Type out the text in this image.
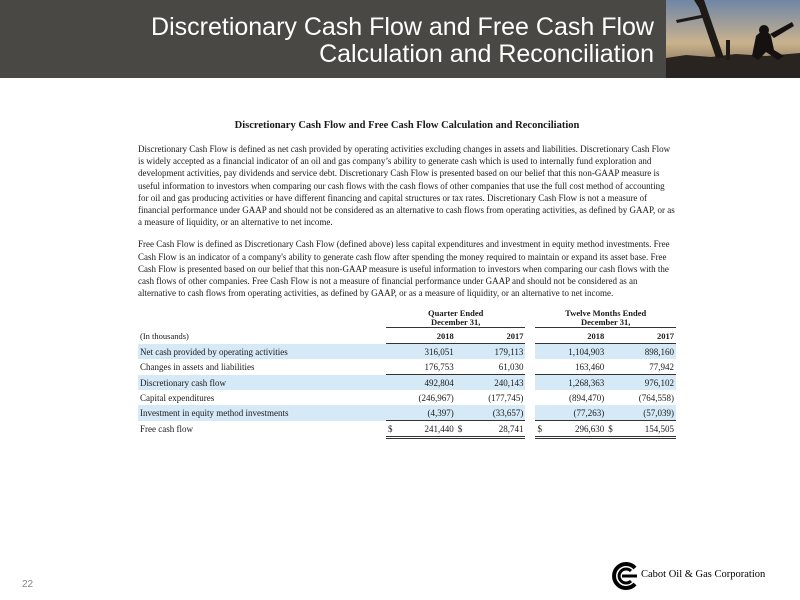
Discretionary Cash Flow and Free Cash Flow
Calculation and Reconciliation
Discretionary Cash Flow and Free Cash Flow Calculation and Reconciliation

Discretionary Cash Flow is defined as net cash provided by operating activities excluding changes in assets and liabilities. Discretionary Cash Flow is widely accepted as a financial indicator of an oil and gas company’s ability to generate cash which is used to internally fund exploration and development activities, pay dividends and service debt. Discretionary Cash Flow is presented based on our belief that this non-GAAP measure is useful information to investors when comparing our cash flows with the cash flows of other companies that use the full cost method of accounting for oil and gas producing activities or have different financing and capital structures or tax rates. Discretionary Cash Flow is not a measure of financial performance under GAAP and should not be considered as an alternative to cash flows from operating activities, as defined by GAAP, or as a measure of liquidity, or an alternative to net income.

Free Cash Flow is defined as Discretionary Cash Flow (defined above) less capital expenditures and investment in equity method investments. Free Cash Flow is an indicator of a company's ability to generate cash flow after spending the money required to maintain or expand its asset base. Free Cash Flow is presented based on our belief that this non-GAAP measure is useful information to investors when comparing our cash flows with the cash flows of other companies. Free Cash Flow is not a measure of financial performance under GAAP and should not be considered as an alternative to cash flows from operating activities, as defined by GAAP, or as a measure of liquidity, or an alternative to net income.

	Quarter Ended
December 31,					Twelve Months Ended
December 31,			

(In thousands)	2018		2017			2018		2017	
Net cash provided by operating activities		316,051		179,113			1,104,903		898,160
Changes in assets and liabilities		176,753		61,030			163,460		77,942
Discretionary cash flow		492,804		240,143			1,268,363		976,102
Capital expenditures		(246,967)		(177,745)			(894,470)		(764,558)
Investment in equity method investments		(4,397)		(33,657)			(77,263)		(57,039)
Free cash flow	$	241,440	$	28,741		$	296,630	$	154,505
22
Cabot Oil & Gas Corporation
